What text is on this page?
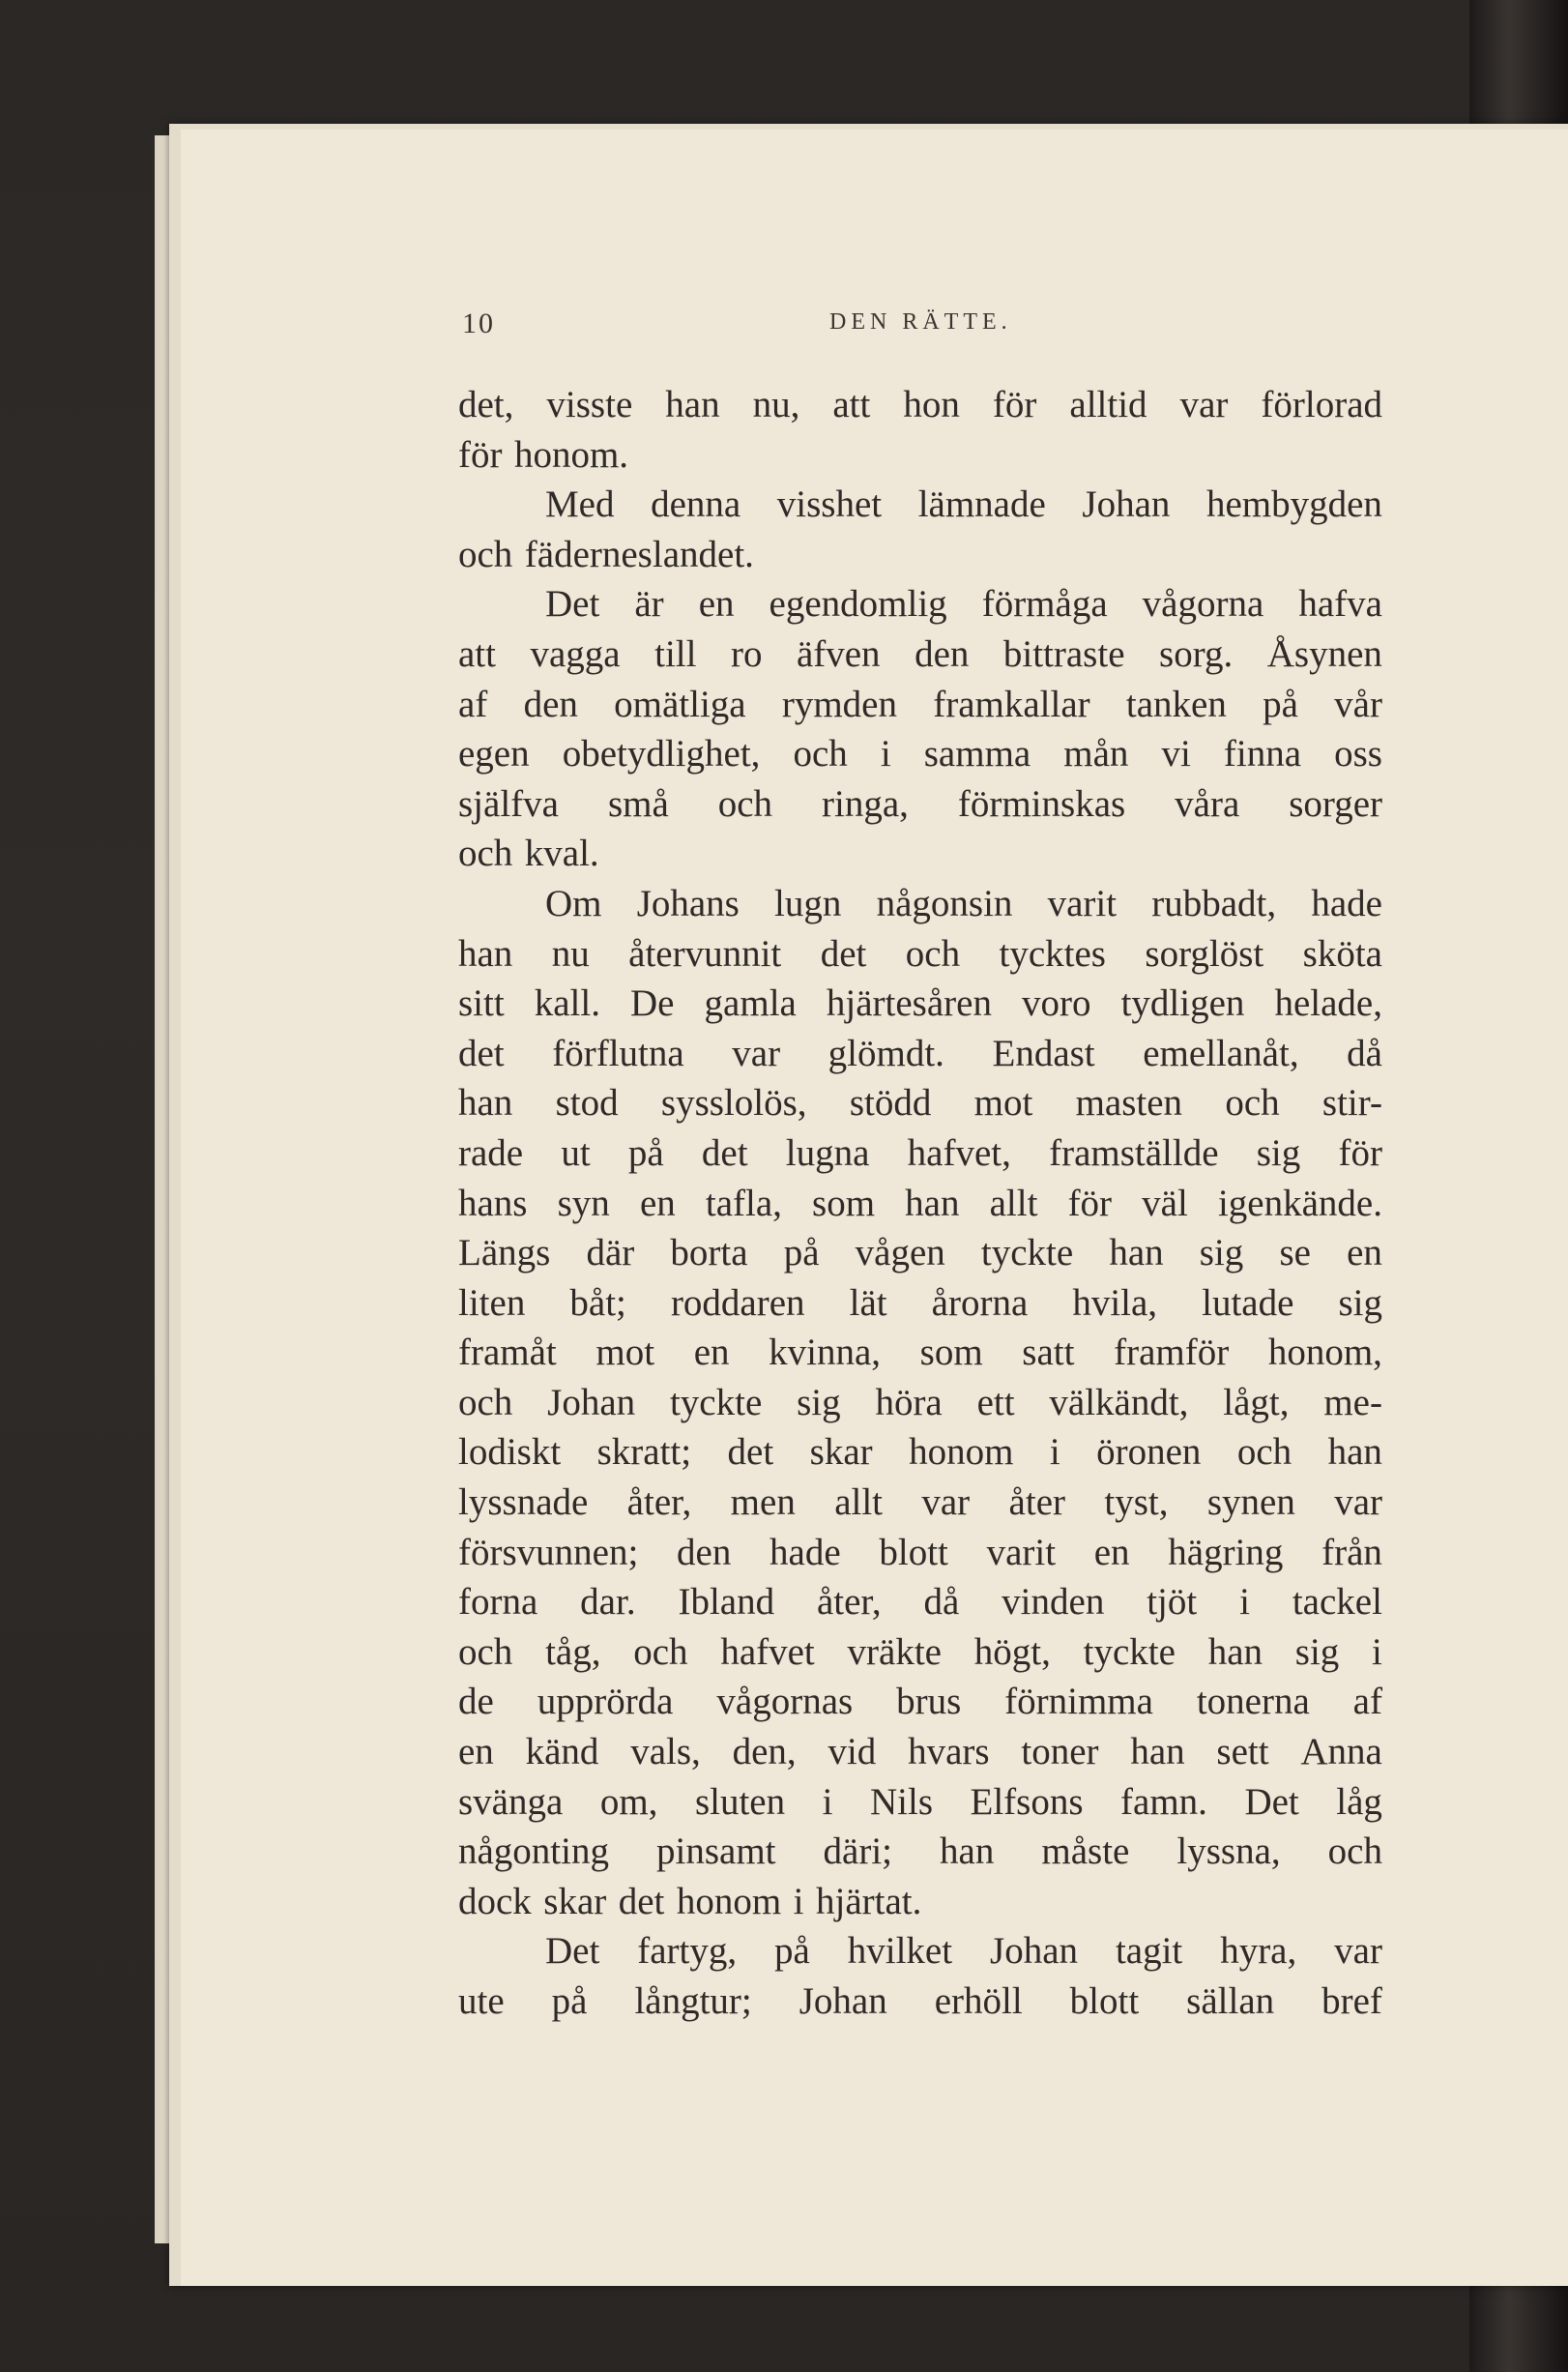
10	DEN RÄTTE.
det, visste han nu, att hon för alltid var förlorad
för honom.
Med denna visshet lämnade Johan hembygden
och fäderneslandet.
Det är en egendomlig förmåga vågorna hafva
att vagga till ro äfven den bittraste sorg. Åsynen
af den omätliga rymden framkallar tanken på vår
egen obetydlighet, och i samma mån vi finna oss
själfva små och ringa, förminskas våra sorger
och kval.
Om Johans lugn någonsin varit rubbadt, hade
han nu återvunnit det och tycktes sorglöst sköta
sitt kall. De gamla hjärtesåren voro tydligen helade,
det förflutna var glömdt. Endast emellanåt, då
han stod sysslolös, stödd mot masten och stir-
rade ut på det lugna hafvet, framställde sig för
hans syn en tafla, som han allt för väl igenkände.
Längs där borta på vågen tyckte han sig se en
liten båt; roddaren lät årorna hvila, lutade sig
framåt mot en kvinna, som satt framför honom,
och Johan tyckte sig höra ett välkändt, lågt, me-
lodiskt skratt; det skar honom i öronen och han
lyssnade åter, men allt var åter tyst, synen var
försvunnen; den hade blott varit en hägring från
forna dar. Ibland åter, då vinden tjöt i tackel
och tåg, och hafvet vräkte högt, tyckte han sig i
de upprörda vågornas brus förnimma tonerna af
en känd vals, den, vid hvars toner han sett Anna
svänga om, sluten i Nils Elfsons famn. Det låg
någonting pinsamt däri; han måste lyssna, och
dock skar det honom i hjärtat.
Det fartyg, på hvilket Johan tagit hyra, var
ute på långtur; Johan erhöll blott sällan bref
